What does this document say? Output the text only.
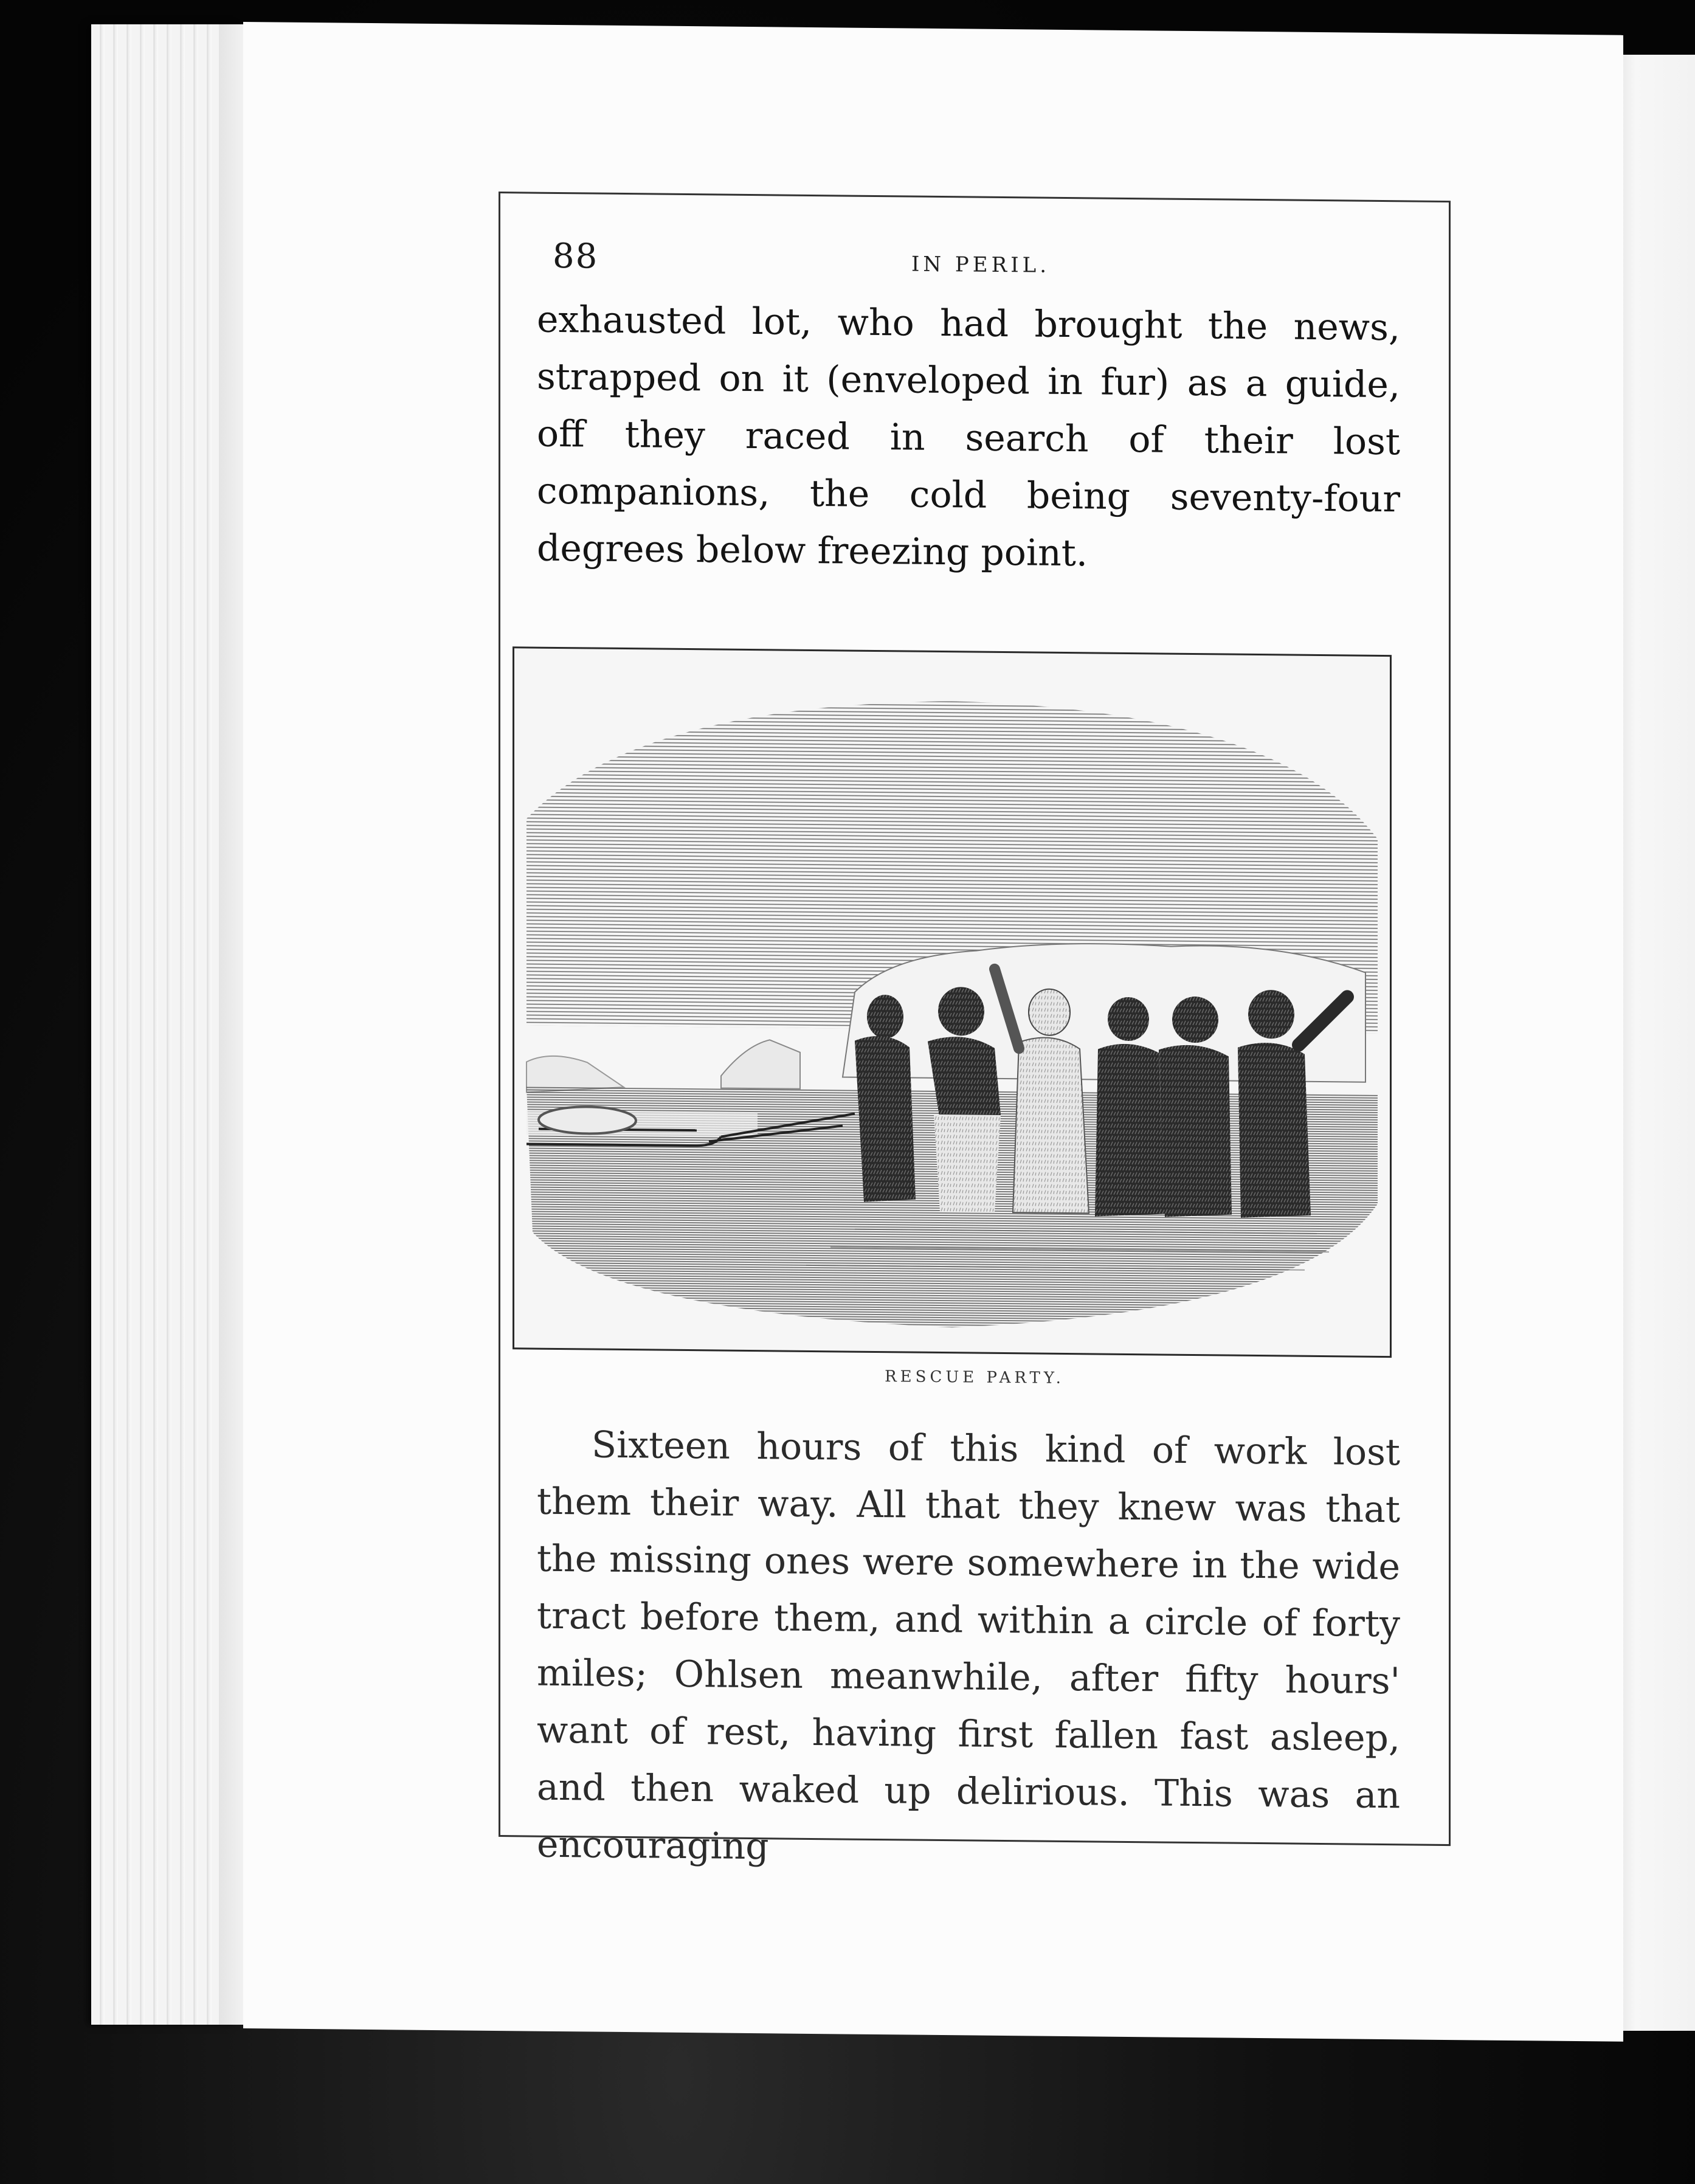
88	IN PERIL.

exhausted lot, who had brought the news, strapped on it (enveloped in fur) as a guide, off they raced in search of their lost companions, the cold being seventy-four degrees below freezing point.

RESCUE PARTY.

Sixteen hours of this kind of work lost them their way. All that they knew was that the missing ones were somewhere in the wide tract before them, and within a circle of forty miles; Ohlsen meanwhile, after fifty hours' want of rest, having first fallen fast asleep, and then waked up delirious. This was an encouraging
